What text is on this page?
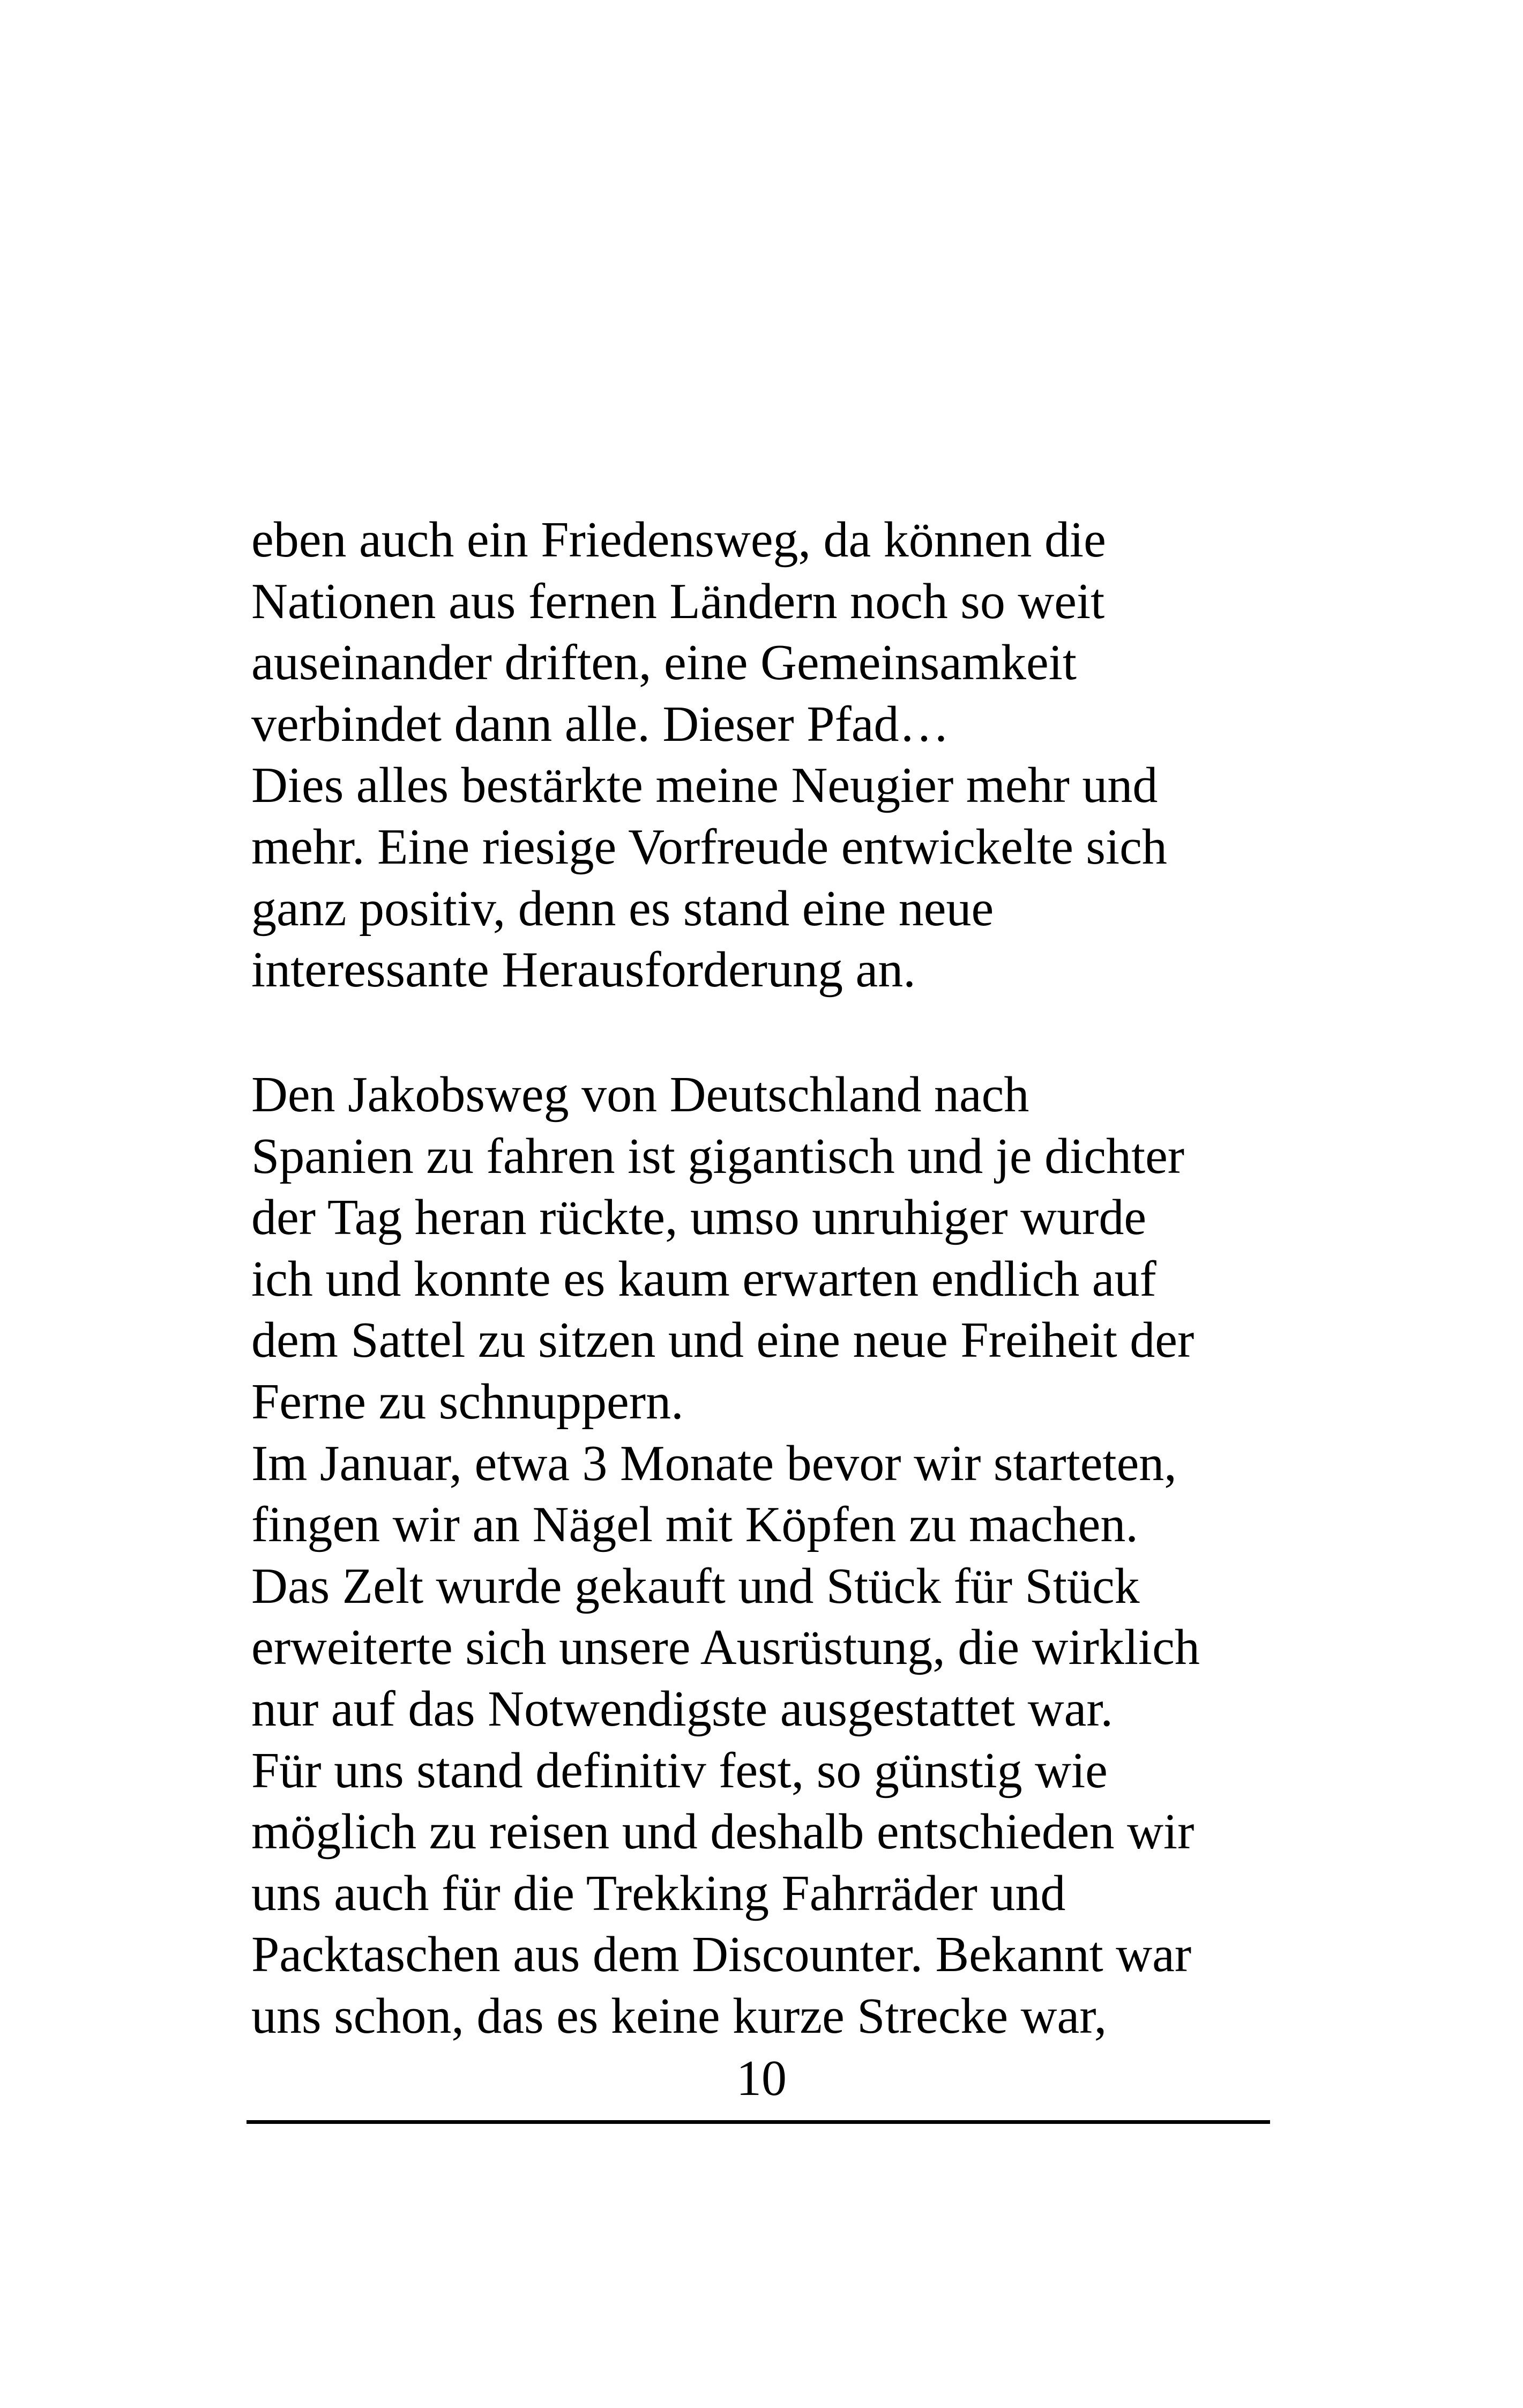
eben auch ein Friedensweg, da können die
Nationen aus fernen Ländern noch so weit
auseinander driften, eine Gemeinsamkeit
verbindet dann alle. Dieser Pfad…
Dies alles bestärkte meine Neugier mehr und
mehr. Eine riesige Vorfreude entwickelte sich
ganz positiv, denn es stand eine neue
interessante Herausforderung an.
Den Jakobsweg von Deutschland nach
Spanien zu fahren ist gigantisch und je dichter
der Tag heran rückte, umso unruhiger wurde
ich und konnte es kaum erwarten endlich auf
dem Sattel zu sitzen und eine neue Freiheit der
Ferne zu schnuppern.
Im Januar, etwa 3 Monate bevor wir starteten,
fingen wir an Nägel mit Köpfen zu machen.
Das Zelt wurde gekauft und Stück für Stück
erweiterte sich unsere Ausrüstung, die wirklich
nur auf das Notwendigste ausgestattet war.
Für uns stand definitiv fest, so günstig wie
möglich zu reisen und deshalb entschieden wir
uns auch für die Trekking Fahrräder und
Packtaschen aus dem Discounter. Bekannt war
uns schon, das es keine kurze Strecke war,
10
